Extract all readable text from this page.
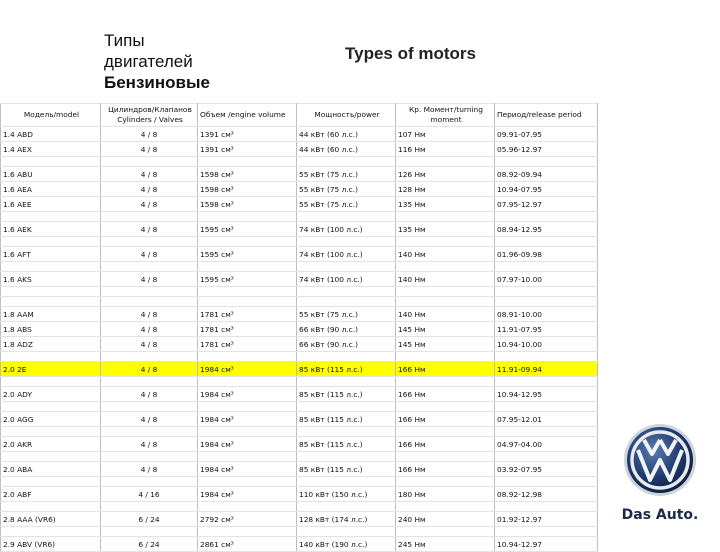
Типы
двигателей
Бензиновые
Types of motors
Модель/model	Цилиндров/Клапанов Cylinders / Valves	Объем /engine volume	Мощность/power	Кр. Момент/turning moment	Период/release period
1.4 ABD	4 / 8	1391 см³	44 кВт (60 л.с.)	107 Нм	09.91-07.95
1.4 AEX	4 / 8	1391 см³	44 кВт (60 л.с.)	116 Нм	05.96-12.97

1.6 ABU	4 / 8	1598 см³	55 кВт (75 л.с.)	126 Нм	08.92-09.94
1.6 AEA	4 / 8	1598 см³	55 кВт (75 л.с.)	128 Нм	10.94-07.95
1.6 AEE	4 / 8	1598 см³	55 кВт (75 л.с.)	135 Нм	07.95-12.97

1.6 AEK	4 / 8	1595 см³	74 кВт (100 л.с.)	135 Нм	08.94-12.95

1.6 AFT	4 / 8	1595 см³	74 кВт (100 л.с.)	140 Нм	01.96-09.98

1.6 AKS	4 / 8	1595 см³	74 кВт (100 л.с.)	140 Нм	07.97-10.00

1.8 AAM	4 / 8	1781 см³	55 кВт (75 л.с.)	140 Нм	08.91-10.00
1.8 ABS	4 / 8	1781 см³	66 кВт (90 л.с.)	145 Нм	11.91-07.95
1.8 ADZ	4 / 8	1781 см³	66 кВт (90 л.с.)	145 Нм	10.94-10.00

2.0 2E	4 / 8	1984 см³	85 кВт (115 л.с.)	166 Нм	11.91-09.94

2.0 ADY	4 / 8	1984 см³	85 кВт (115 л.с.)	166 Нм	10.94-12.95

2.0 AGG	4 / 8	1984 см³	85 кВт (115 л.с.)	166 Нм	07.95-12.01

2.0 AKR	4 / 8	1984 см³	85 кВт (115 л.с.)	166 Нм	04.97-04.00

2.0 ABA	4 / 8	1984 см³	85 кВт (115 л.с.)	166 Нм	03.92-07.95

2.0 ABF	4 / 16	1984 см³	110 кВт (150 л.с.)	180 Нм	08.92-12.98

2.8 AAA (VR6)	6 / 24	2792 см³	128 кВт (174 л.с.)	240 Нм	01.92-12.97

2.9 ABV (VR6)	6 / 24	2861 см³	140 кВт (190 л.с.)	245 Нм	10.94-12.97
Das Auto.
